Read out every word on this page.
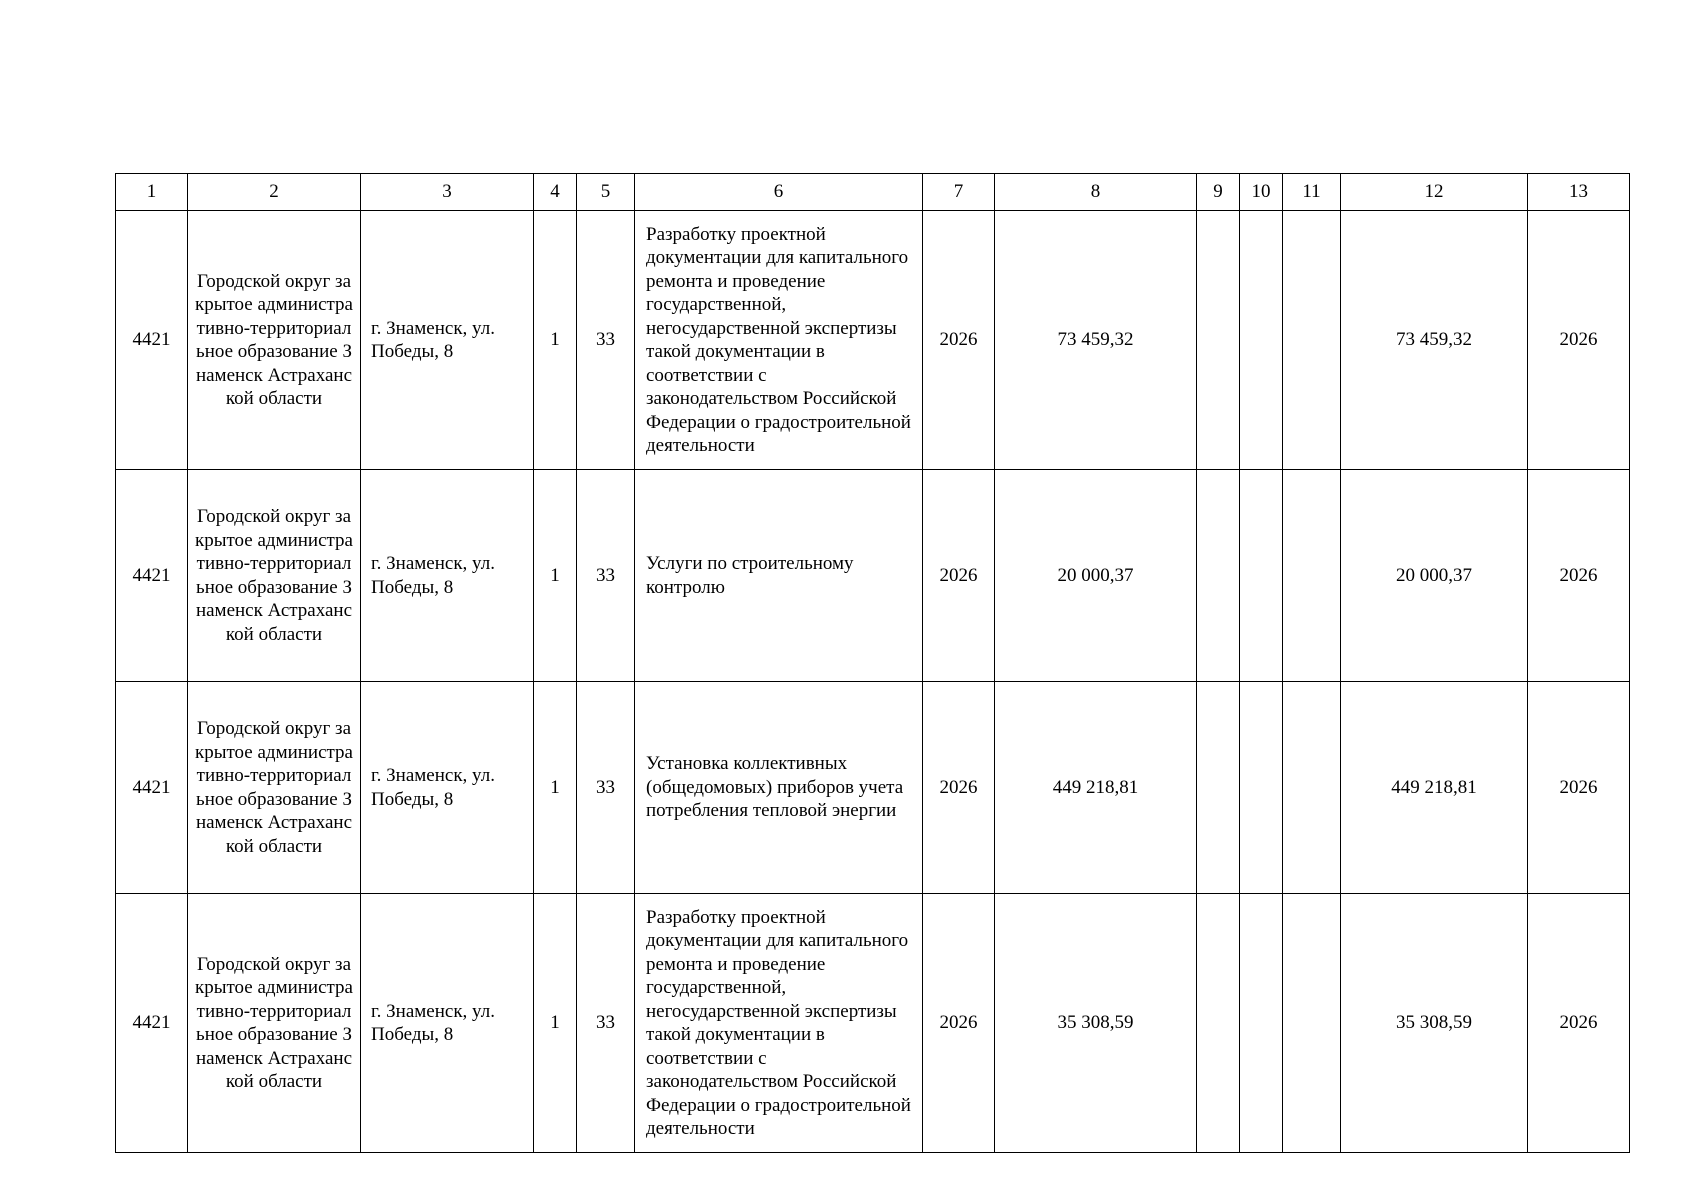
1	2	3	4	5	6	7	8	9	10	11	12	13
4421	Городской округ закрытое административно-территориальное образование Знаменск Астраханской области	г. Знаменск, ул. Победы, 8	1	33	Разработку проектной документации для капитального ремонта и проведение государственной, негосударственной экспертизы такой документации в соответствии с законодательством Российской Федерации о градостроительной деятельности	2026	73 459,32				73 459,32	2026
4421	Городской округ закрытое административно-территориальное образование Знаменск Астраханской области	г. Знаменск, ул. Победы, 8	1	33	Услуги по строительному контролю	2026	20 000,37				20 000,37	2026
4421	Городской округ закрытое административно-территориальное образование Знаменск Астраханской области	г. Знаменск, ул. Победы, 8	1	33	Установка коллективных (общедомовых) приборов учета потребления тепловой энергии	2026	449 218,81				449 218,81	2026
4421	Городской округ закрытое административно-территориальное образование Знаменск Астраханской области	г. Знаменск, ул. Победы, 8	1	33	Разработку проектной документации для капитального ремонта и проведение государственной, негосударственной экспертизы такой документации в соответствии с законодательством Российской Федерации о градостроительной деятельности	2026	35 308,59				35 308,59	2026
